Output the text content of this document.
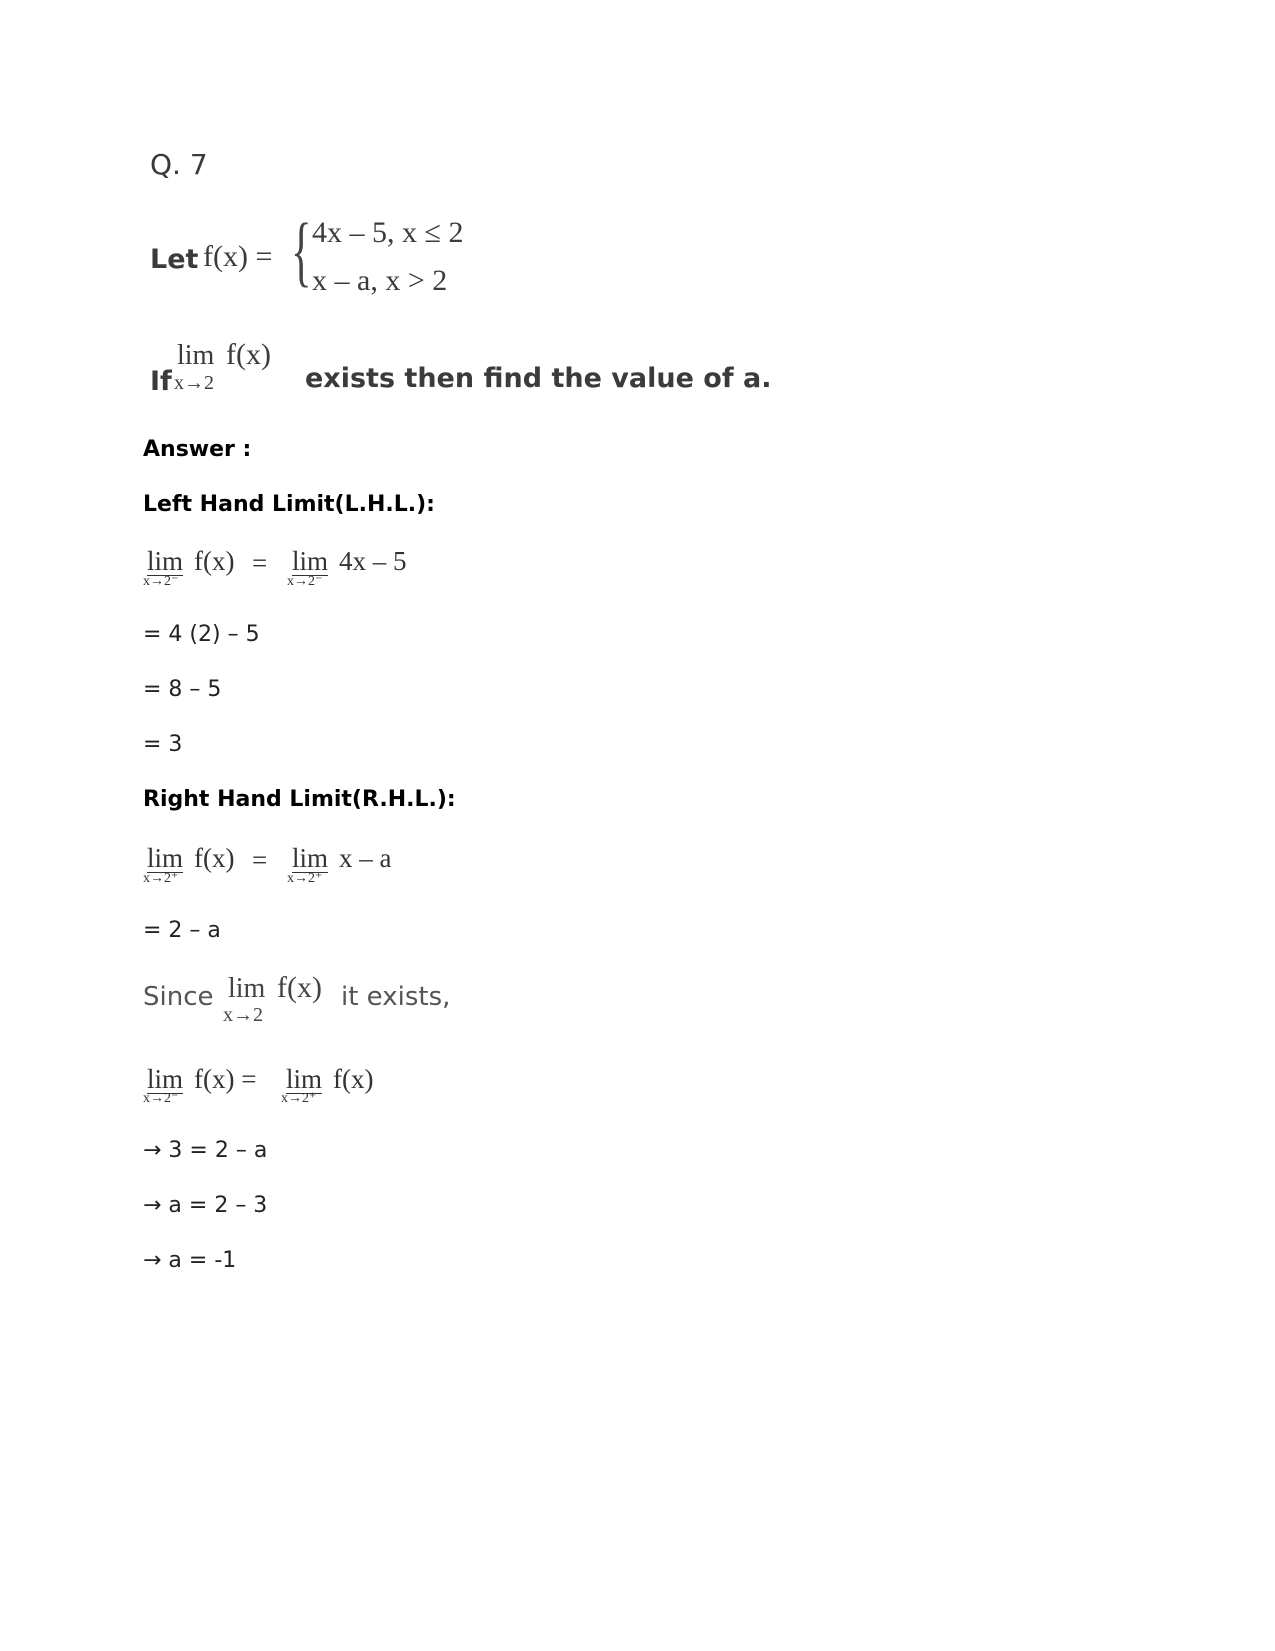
Q. 7
Let f(x) = { 4x – 5, x ≤ 2
x – a, x > 2
If
lim
x→2
f(x)
exists then find the value of a.
Answer :
Left Hand Limit(L.H.L.):
lim
x→2⁻
f(x) = lim
x→2⁻
4x – 5
= 4 (2) – 5
= 8 – 5
= 3
Right Hand Limit(R.H.L.):
lim
x→2⁺
f(x) = lim
x→2⁺
x – a
= 2 – a
Since lim
x→2
f(x) it exists,
lim
x→2⁻
f(x) = lim
x→2⁺
f(x)
→ 3 = 2 – a
→ a = 2 – 3
→ a = -1
